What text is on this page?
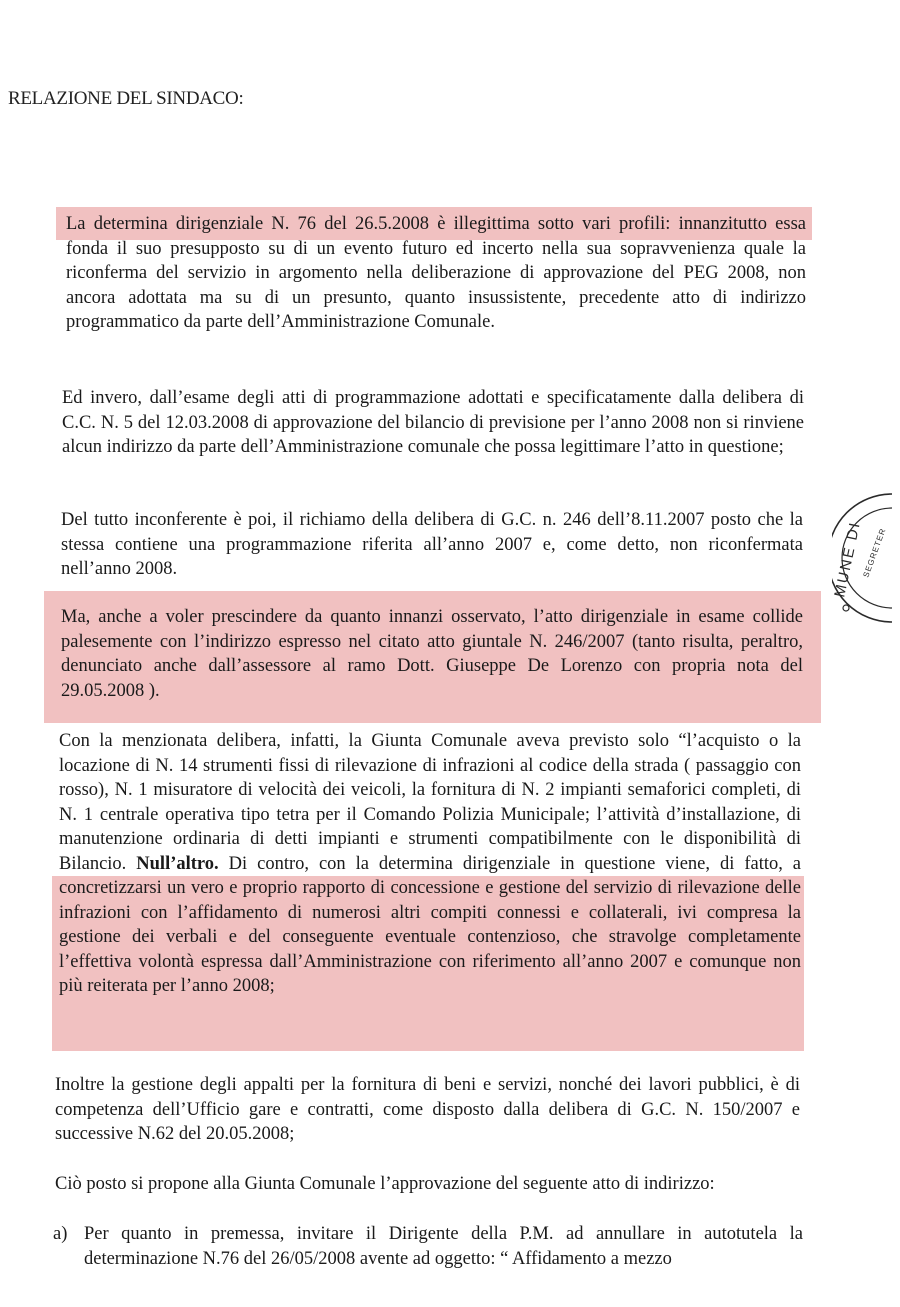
RELAZIONE DEL SINDACO:

La determina dirigenziale N. 76 del 26.5.2008 è illegittima sotto vari profili: innanzitutto essa fonda il suo presupposto su di un evento futuro ed incerto nella sua sopravvenienza quale la riconferma del servizio in argomento nella deliberazione di approvazione del PEG 2008, non ancora adottata ma su di un presunto, quanto insussistente, precedente atto di indirizzo programmatico da parte dell’Amministrazione Comunale.

Ed invero, dall’esame degli atti di programmazione adottati e specificatamente dalla delibera di C.C. N. 5 del 12.03.2008 di approvazione del bilancio di previsione per l’anno 2008 non si rinviene alcun indirizzo da parte dell’Amministrazione comunale che possa legittimare l’atto in questione;

Del tutto inconferente è poi, il richiamo della delibera di G.C. n. 246 dell’8.11.2007 posto che la stessa contiene una programmazione riferita all’anno 2007 e, come detto, non riconfermata nell’anno 2008.

Ma, anche a voler prescindere da quanto innanzi osservato, l’atto dirigenziale in esame collide palesemente con l’indirizzo espresso nel citato atto giuntale N. 246/2007 (tanto risulta, peraltro, denunciato anche dall’assessore al ramo Dott. Giuseppe De Lorenzo con propria nota del 29.05.2008 ).

Con la menzionata delibera, infatti, la Giunta Comunale aveva previsto solo “l’acquisto o la locazione di N. 14 strumenti fissi di rilevazione di infrazioni al codice della strada ( passaggio con rosso), N. 1 misuratore di velocità dei veicoli, la fornitura di N. 2 impianti semaforici completi, di N. 1 centrale operativa tipo tetra per il Comando Polizia Municipale; l’attività d’installazione, di manutenzione ordinaria di detti impianti e strumenti compatibilmente con le disponibilità di Bilancio. Null’altro. Di contro, con la determina dirigenziale in questione viene, di fatto, a concretizzarsi un vero e proprio rapporto di concessione e gestione del servizio di rilevazione delle infrazioni con l’affidamento di numerosi altri compiti connessi e collaterali, ivi compresa la gestione dei verbali e del conseguente eventuale contenzioso, che stravolge completamente l’effettiva volontà espressa dall’Amministrazione con riferimento all’anno 2007 e comunque non più reiterata per l’anno 2008;

Inoltre la gestione degli appalti per la fornitura di beni e servizi, nonché dei lavori pubblici, è di competenza dell’Ufficio gare e contratti, come disposto dalla delibera di G.C. N. 150/2007 e successive N.62 del 20.05.2008;

Ciò posto si propone alla Giunta Comunale l’approvazione del seguente atto di indirizzo:

a) Per quanto in premessa, invitare il Dirigente della P.M. ad annullare in autotutela la determinazione N.76 del 26/05/2008 avente ad oggetto: “ Affidamento a mezzo
MUNE DI
SEGRETER
